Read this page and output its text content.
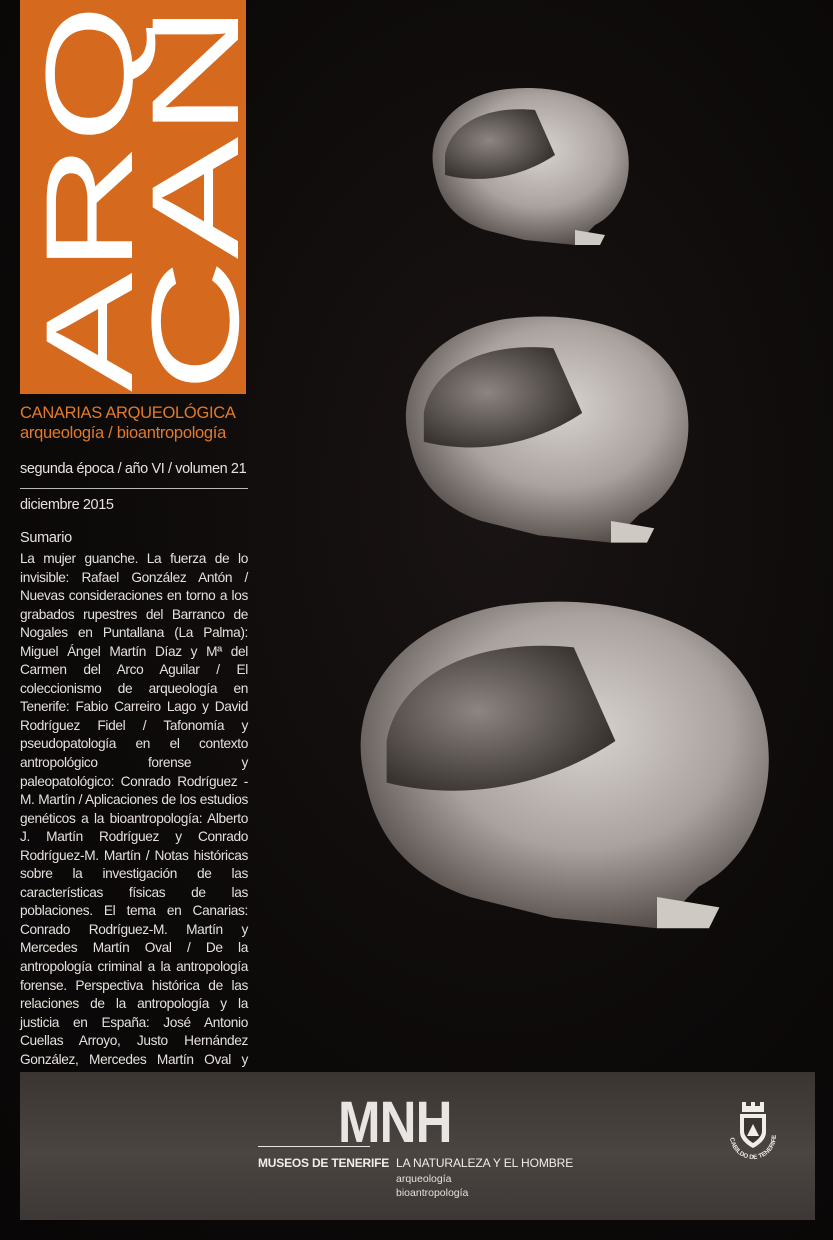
CAN
ARQ
CANARIAS ARQUEOLÓGICA
arqueología / bioantropología
segunda época / año VI / volumen 21
diciembre 2015
Sumario
La mujer guanche. La fuerza de lo invisible: Rafael González Antón / Nuevas consideraciones en torno a los grabados rupestres del Barranco de Nogales en Puntallana (La Palma): Miguel Ángel Martín Díaz y Mª del Carmen del Arco Aguilar / El coleccionismo de arqueología en Tenerife: Fabio Carreiro Lago y David Rodríguez Fidel / Tafonomía y pseudopatología en el contexto antropológico forense y paleopatológico: Conrado Rodríguez -M. Martín / Aplicaciones de los estudios genéticos a la bioantropología: Alberto J. Martín Rodríguez y Conrado Rodríguez-M. Martín / Notas históricas sobre la investigación de las características físicas de las poblaciones. El tema en Canarias: Conrado Rodríguez-M. Martín y Mercedes Martín Oval / De la antropología criminal a la antropología forense. Perspectiva histórica de las relaciones de la antropología y la justicia en España: José Antonio Cuellas Arroyo, Justo Hernández González, Mercedes Martín Oval y
MNH
MUSEOS DE TENERIFE LA NATURALEZA Y EL HOMBRE
arqueología
bioantropología
CABILDO DE TENERIFE
